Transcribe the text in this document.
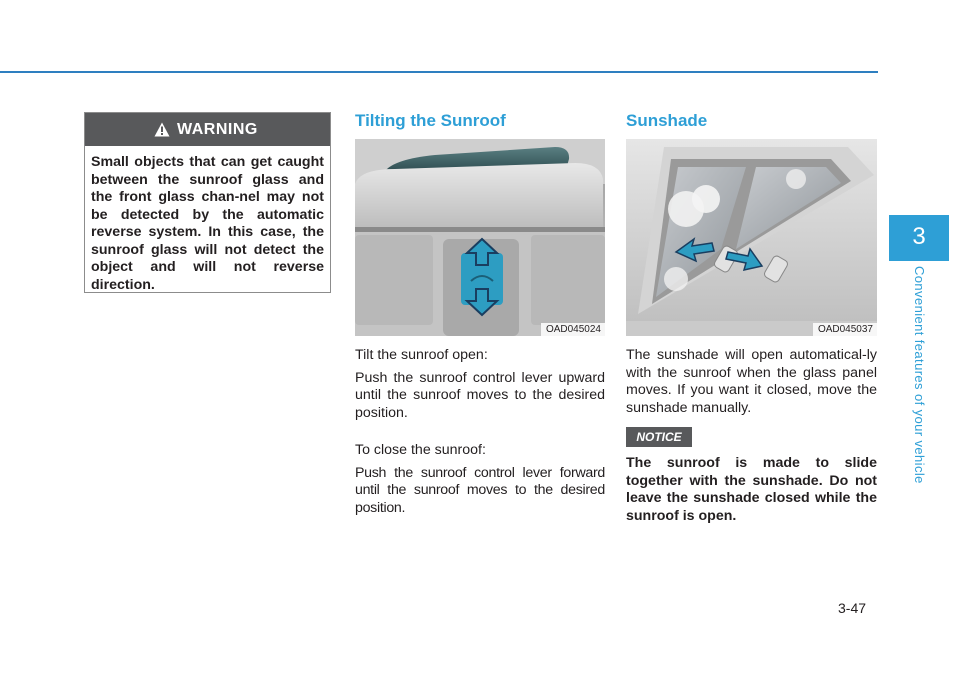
WARNING

Small objects that can get caught between the sunroof glass and the front glass chan-nel may not be detected by the automatic reverse system. In this case, the sunroof glass will not detect the object and will not reverse direction.

Tilting the Sunroof
OAD045024

Tilt the sunroof open:

Push the sunroof control lever upward until the sunroof moves to the desired position.

To close the sunroof:

Push the sunroof control lever forward until the sunroof moves to the desired position.

Sunshade
OAD045037

The sunshade will open automatical-ly with the sunroof when the glass panel moves. If you want it closed, move the sunshade manually.

NOTICE

The sunroof is made to slide together with the sunshade. Do not leave the sunshade closed while the sunroof is open.

3
Convenient features of your vehicle
3-47
